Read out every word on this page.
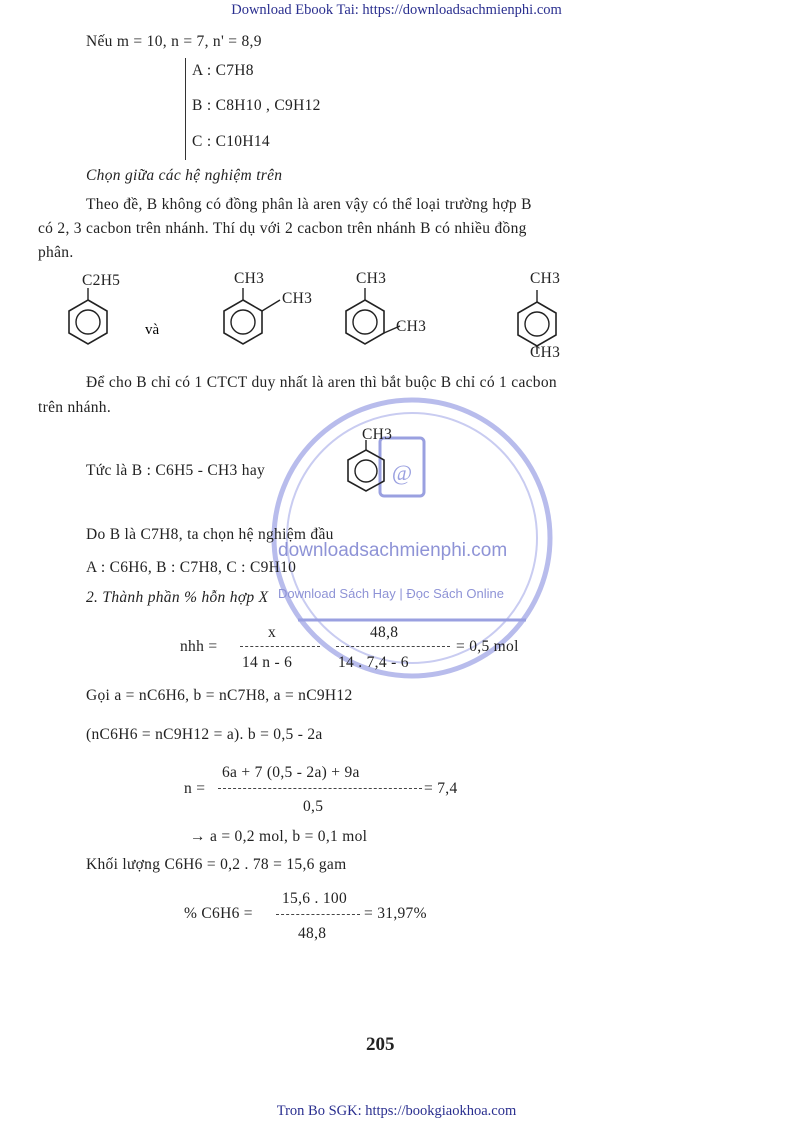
Download Ebook Tai: https://downloadsachmienphi.com
Tron Bo SGK: https://bookgiaokhoa.com
@
downloadsachmienphi.com
Download Sách Hay | Đọc Sách Online
Nếu m = 10, n = 7, n' = 8,9
A : C7H8
B : C8H10 , C9H12
C : C10H14
Chọn giữa các hệ nghiệm trên
Theo đề, B không có đồng phân là aren vậy có thể loại trường hợp B
có 2, 3 cacbon trên nhánh. Thí dụ với 2 cacbon trên nhánh B có nhiều đồng
phân.
và
C2H5	CH3
CH3
CH3
CH3
CH3
CH3
Để cho B chỉ có 1 CTCT duy nhất là aren thì bắt buộc B chỉ có 1 cacbon
trên nhánh.
Tức là B : C6H5 - CH3 hay
CH3
Do B là C7H8, ta chọn hệ nghiệm đầu
A : C6H6, B : C7H8, C : C9H10
2. Thành phần % hỗn hợp X
nhh =
x
14 n - 6
48,8
14 . 7,4 - 6
= 0,5 mol
Gọi a = nC6H6, b = nC7H8, a = nC9H12
(nC6H6 = nC9H12 = a). b = 0,5 - 2a
n =
6a + 7 (0,5 - 2a) + 9a
0,5
= 7,4
→ a = 0,2 mol, b = 0,1 mol
Khối lượng C6H6 = 0,2 . 78 = 15,6 gam
% C6H6 =
15,6 . 100
48,8
= 31,97%
205
